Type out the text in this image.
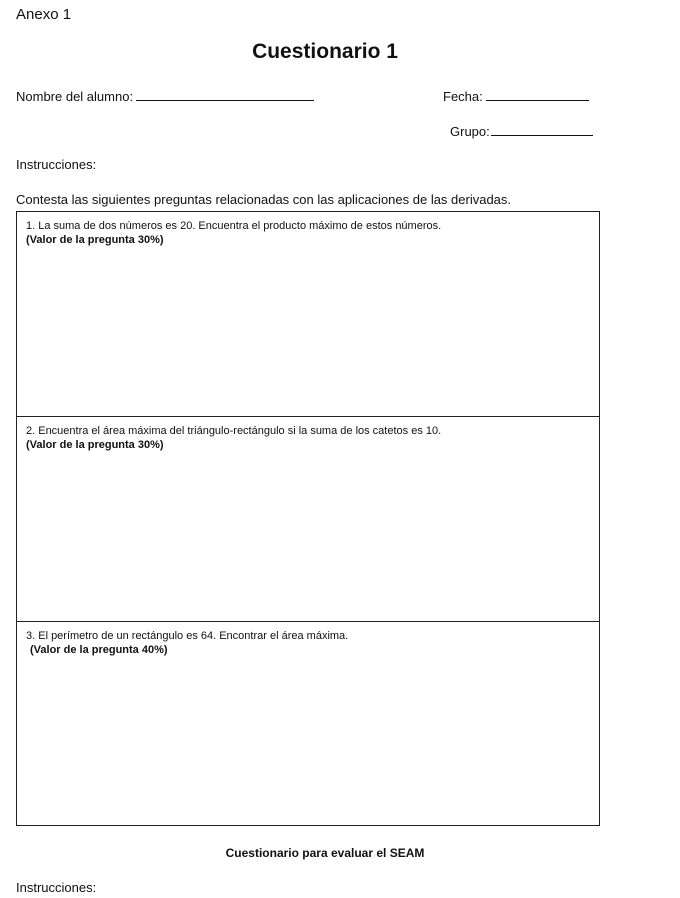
Anexo 1
Cuestionario 1
Nombre del alumno:	Fecha:
Grupo:
Instrucciones:
Contesta las siguientes preguntas relacionadas con las aplicaciones de las derivadas.
1. La suma de dos números es 20. Encuentra el producto máximo de estos números.
(Valor de la pregunta 30%)
2. Encuentra el área máxima del triángulo-rectángulo si la suma de los catetos es 10.
(Valor de la pregunta 30%)
3. El perímetro de un rectángulo es 64. Encontrar el área máxima.
(Valor de la pregunta 40%)
Cuestionario para evaluar el SEAM
Instrucciones:
